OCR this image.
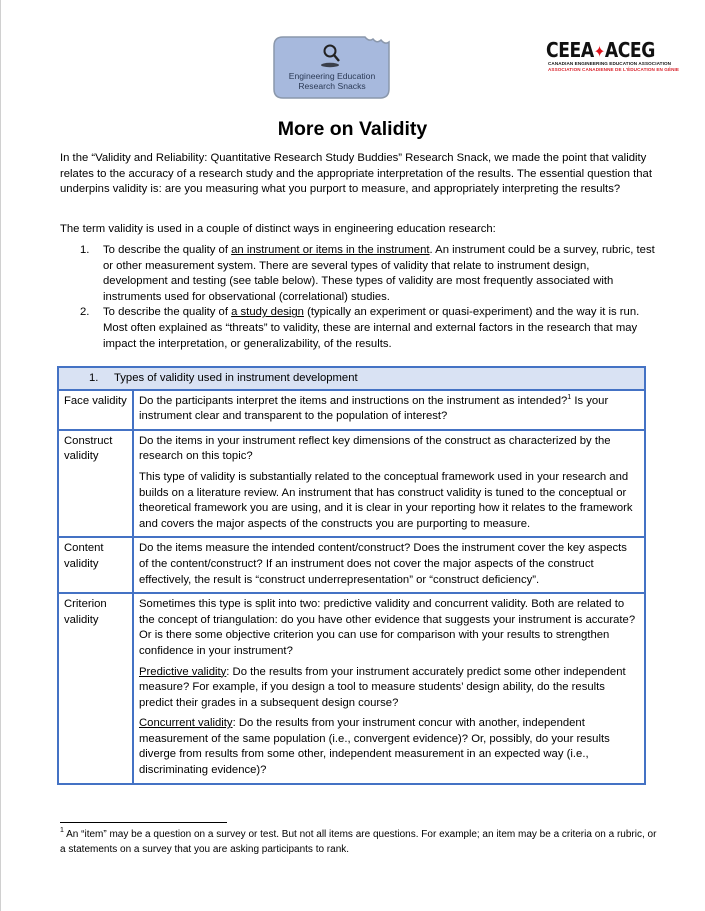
Engineering Education
Research Snacks
CEEA✦ACEG
CANADIAN ENGINEERING EDUCATION ASSOCIATION
ASSOCIATION CANADIENNE DE L'ÉDUCATION EN GÉNIE
More on Validity
In the “Validity and Reliability: Quantitative Research Study Buddies” Research Snack, we made the point that validity relates to the accuracy of a research study and the appropriate interpretation of the results. The essential question that underpins validity is: are you measuring what you purport to measure, and appropriately interpreting the results?
The term validity is used in a couple of distinct ways in engineering education research:
1. To describe the quality of an instrument or items in the instrument. An instrument could be a survey, rubric, test or other measurement system. There are several types of validity that relate to instrument design, development and testing (see table below). These types of validity are most frequently associated with instruments used for observational (correlational) studies.
2. To describe the quality of a study design (typically an experiment or quasi-experiment) and the way it is run. Most often explained as “threats” to validity, these are internal and external factors in the research that may impact the interpretation, or generalizability, of the results.
1. Types of validity used in instrument development	
Face validity	Do the participants interpret the items and instructions on the instrument as intended?$^1$ Is your instrument clear and transparent to the population of interest?

Construct validity	Do the items in your instrument reflect key dimensions of the construct as characterized by the research on this topic?

This type of validity is substantially related to the conceptual framework used in your research and builds on a literature review. An instrument that has construct validity is tuned to the conceptual or theoretical framework you are using, and it is clear in your reporting how it relates to the framework and covers the major aspects of the constructs you are purporting to measure.

Content validity	Do the items measure the intended content/construct? Does the instrument cover the key aspects of the content/construct? If an instrument does not cover the major aspects of the construct effectively, the result is “construct underrepresentation” or “construct deficiency”.

Criterion validity	Sometimes this type is split into two: predictive validity and concurrent validity. Both are related to the concept of triangulation: do you have other evidence that suggests your instrument is accurate? Or is there some objective criterion you can use for comparison with your results to strengthen confidence in your instrument?

Predictive validity: Do the results from your instrument accurately predict some other independent measure? For example, if you design a tool to measure students’ design ability, do the results predict their grades in a subsequent design course?

Concurrent validity: Do the results from your instrument concur with another, independent measurement of the same population (i.e., convergent evidence)? Or, possibly, do your results diverge from results from some other, independent measurement in an expected way (i.e., discriminating evidence)?

$^1$ An “item” may be a question on a survey or test. But not all items are questions. For example; an item may be a criteria on a rubric, or a statements on a survey that you are asking participants to rank.
